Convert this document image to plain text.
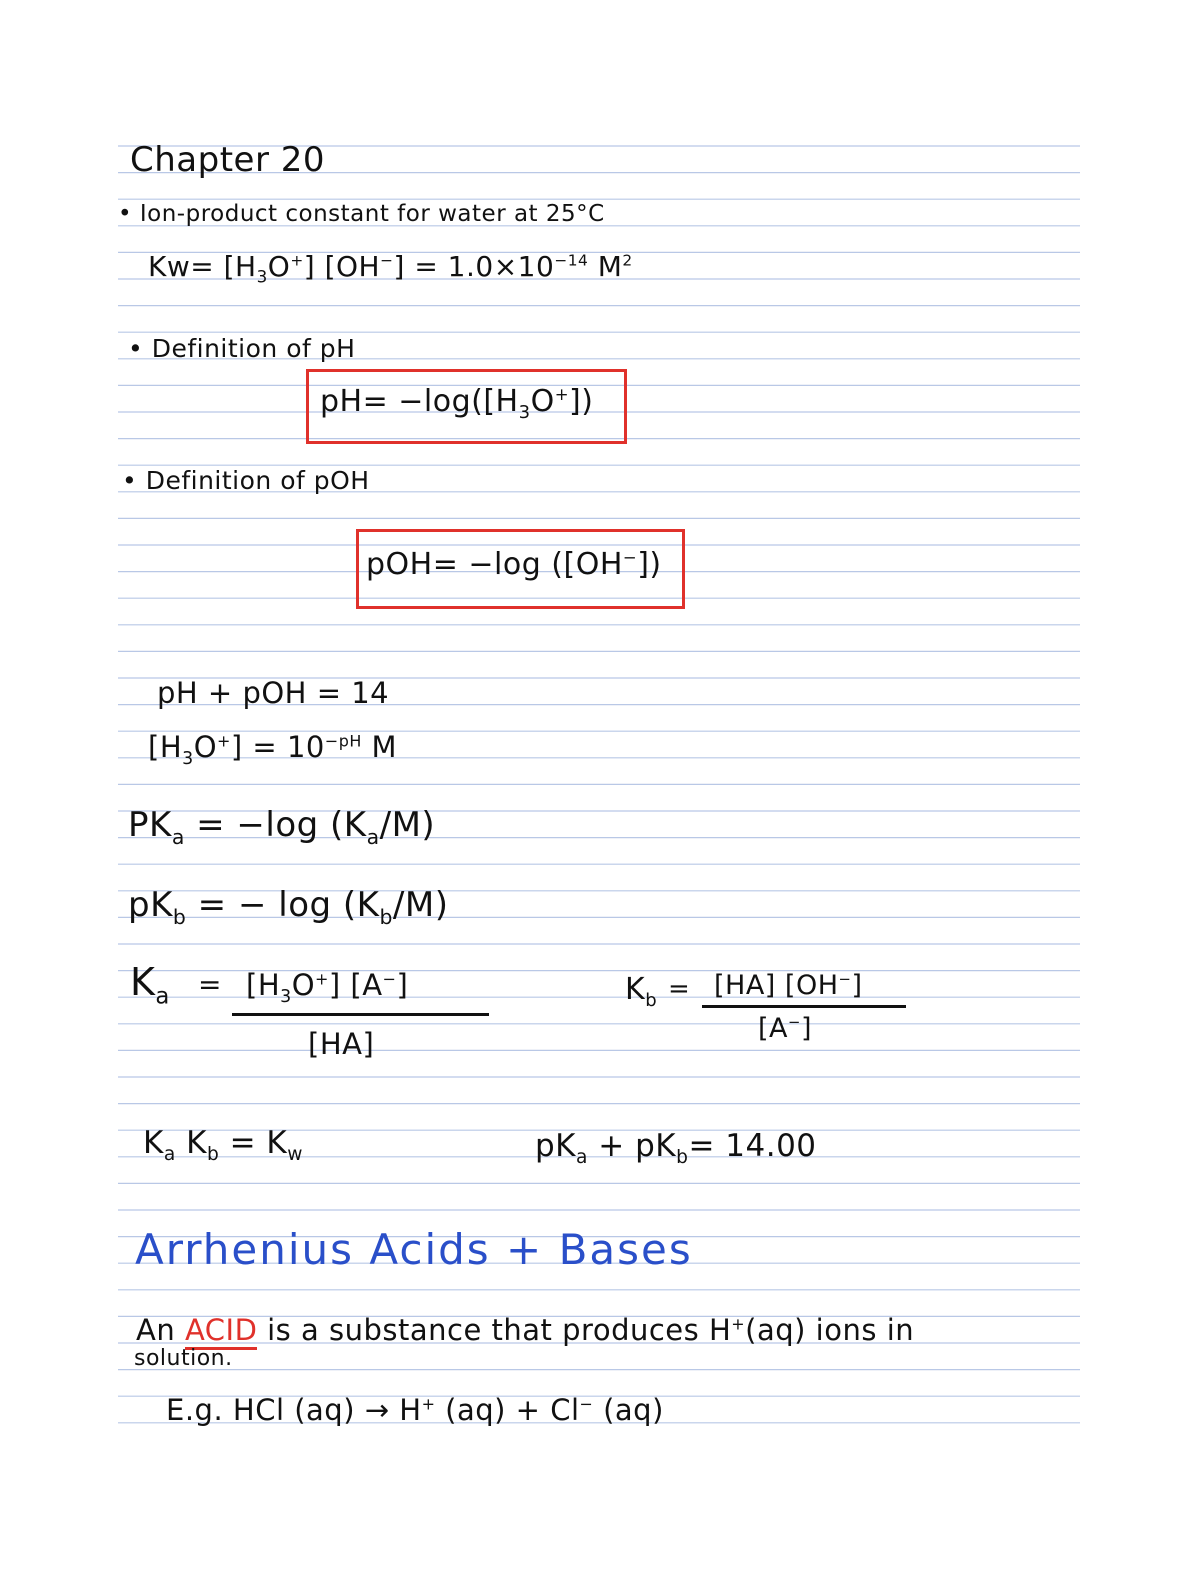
Chapter 20
• Ion-product constant for water at 25°C
$Kw= [H_3O^+] [OH^-] = 1.0\times 10^{-14}$ $M^2$
• Definition of pH
$pH= -\log([H_3O^+])$
• Definition of pOH
pOH= −log ([OH−])
pH + pOH = 14
$[H_3O^+] = 10^{-pH}$ M
$PK_a = -\log$ $(K_a/M)$
$pK_b$ = − $\log (K_b/M)$
$K_a = [H_3O^+]$ [A−]
[HA]
$K_b = [HA]$ [OH−]
[A−]
$K_a$ $K_b = K_w$	$pK_a + pK_b= 14.00$
Arrhenius Acids + Bases
An ACID is a substance that produces H+(aq) ions in
solution.
E.g. HCl (aq) → H+ (aq) + Cl− (aq)
